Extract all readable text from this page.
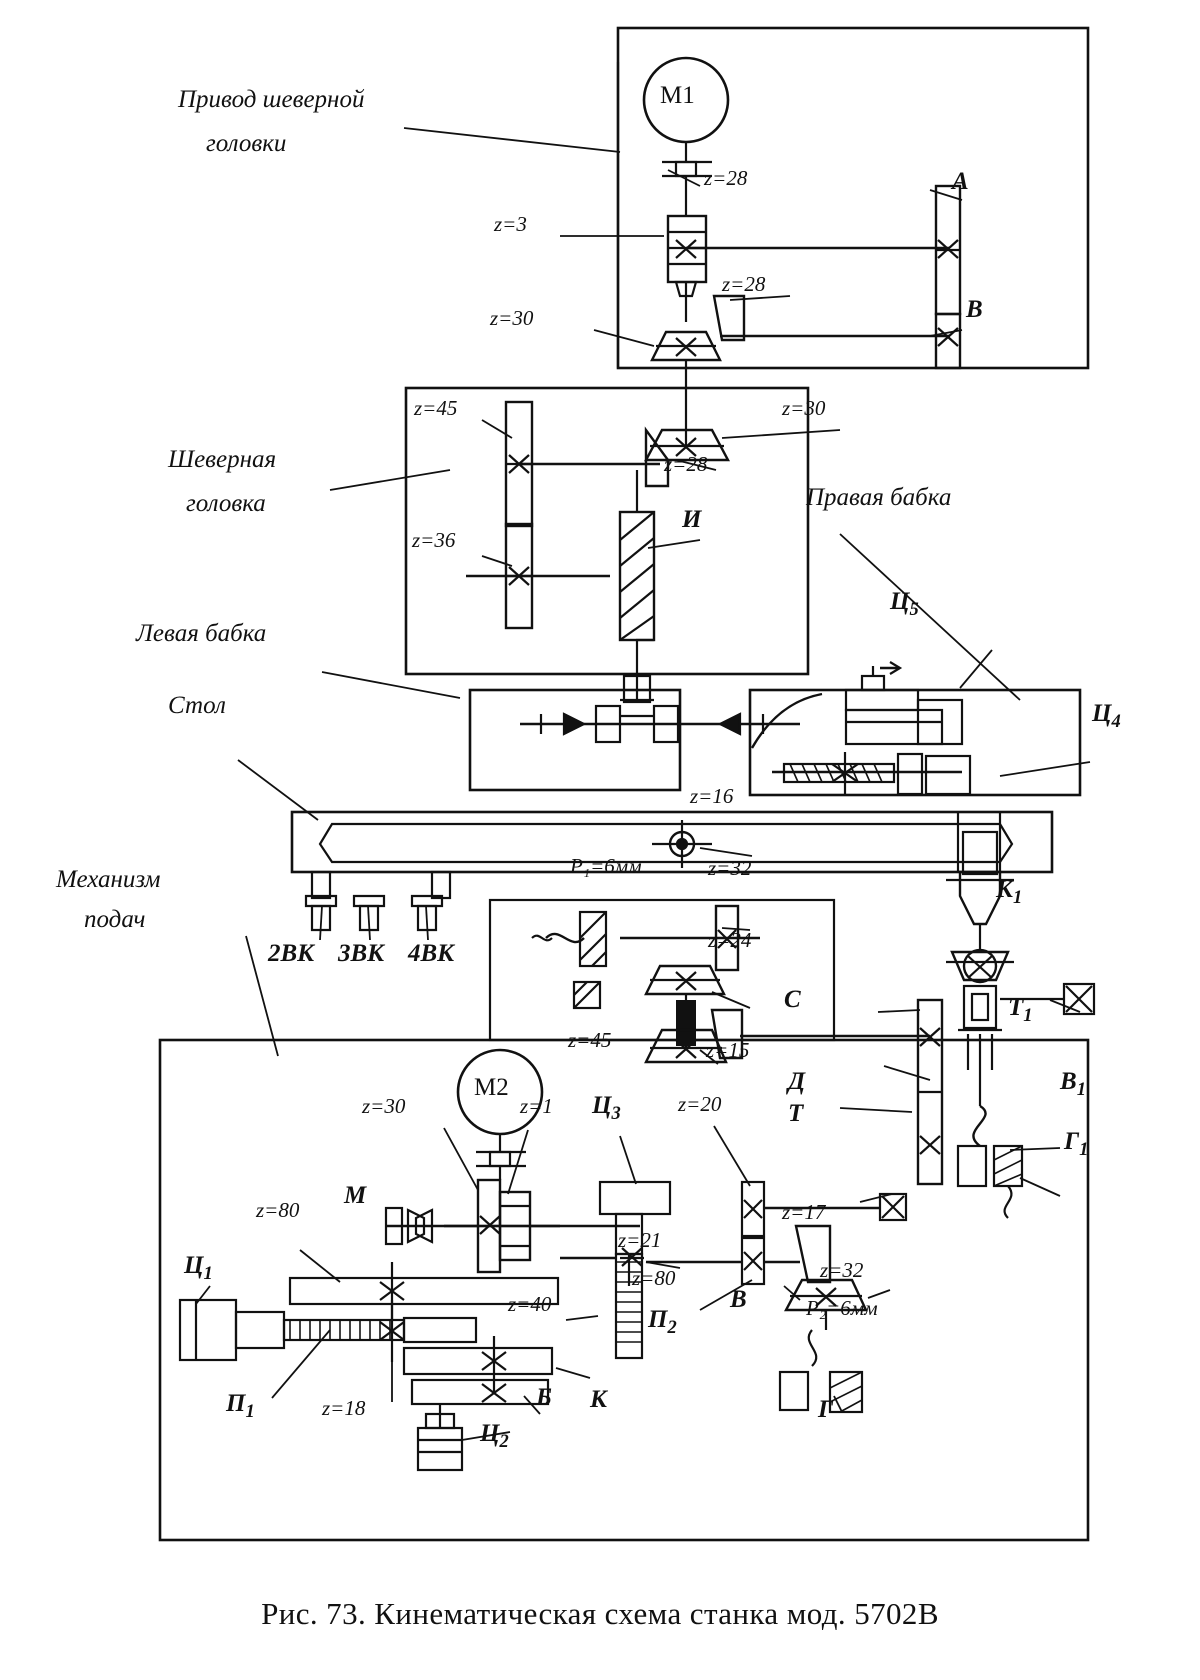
Привод шеверной
головки
Шеверная
головка
Левая бабка
Стол
Правая бабка
Механизм
подач
M1
M2
z=28
z=3
z=28
z=30
z=45	z=30
z=28
z=36
z=16
z=32
z=24
z=45	z=15
z=30	z=1	z=20
z=80
z=21
z=17
z=80	z=32
z=40
z=18
Р₁=6мм
Р₂=6мм
А
В
И
С
Д
Т
М
К
В
Г
Б
$Ц_1$
$Ц_2$
$Ц_3$
$Ц_4$
$Ц_5$
$П_1$
$П_2$
$К_1$
$Т_1$
$В_1$
$Г_1$
2ВК 3ВК 4ВК
Рис. 73. Кинематическая схема станка мод. 5702В
